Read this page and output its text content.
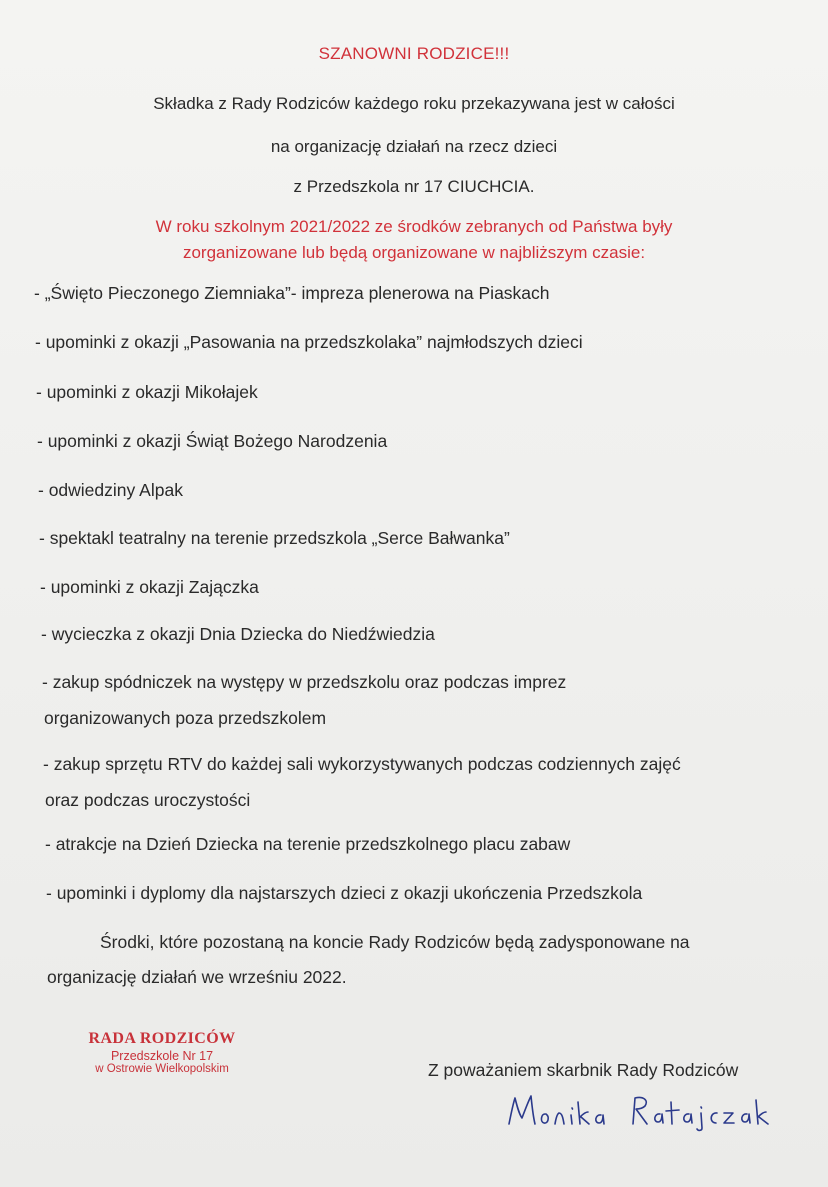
SZANOWNI RODZICE!!!
Składka z Rady Rodziców każdego roku przekazywana jest w całości
na organizację działań na rzecz dzieci
z Przedszkola nr 17 CIUCHCIA.
W roku szkolnym 2021/2022 ze środków zebranych od Państwa były
zorganizowane lub będą organizowane w najbliższym czasie:
- „Święto Pieczonego Ziemniaka”- impreza plenerowa na Piaskach
- upominki z okazji „Pasowania na przedszkolaka” najmłodszych dzieci
- upominki z okazji Mikołajek
- upominki z okazji Świąt Bożego Narodzenia
- odwiedziny Alpak
- spektakl teatralny na terenie przedszkola „Serce Bałwanka”
- upominki z okazji Zajączka
- wycieczka z okazji Dnia Dziecka do Niedźwiedzia
- zakup spódniczek na występy w przedszkolu oraz podczas imprez
organizowanych poza przedszkolem
- zakup sprzętu RTV do każdej sali wykorzystywanych podczas codziennych zajęć
oraz podczas uroczystości
- atrakcje na Dzień Dziecka na terenie przedszkolnego placu zabaw
- upominki i dyplomy dla najstarszych dzieci z okazji ukończenia Przedszkola
Środki, które pozostaną na koncie Rady Rodziców będą zadysponowane na
organizację działań we wrześniu 2022.
RADA RODZICÓW
Przedszkole Nr 17
w Ostrowie Wielkopolskim	Z poważaniem skarbnik Rady Rodziców
